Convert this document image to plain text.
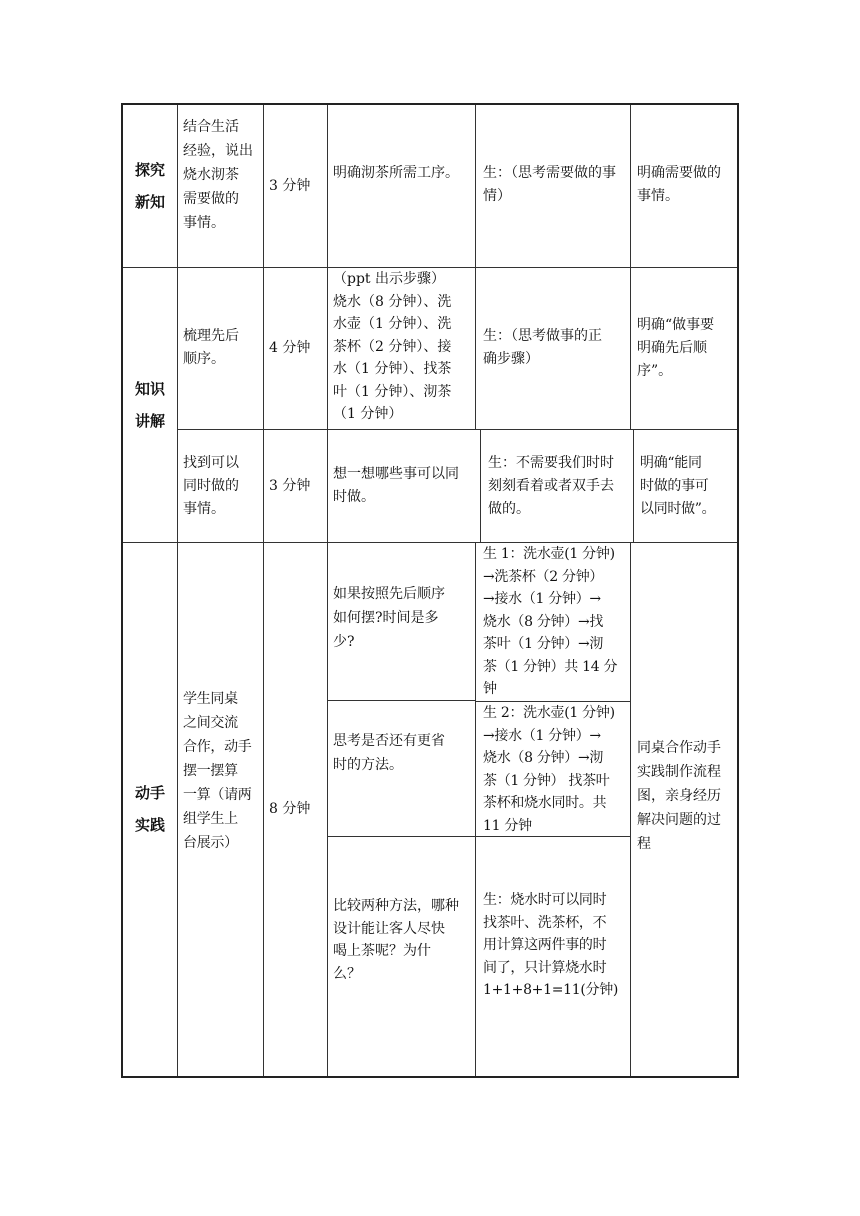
探究
新知
知识
讲解
动手
实践
结合生活
经验，说出
烧水沏茶
需要做的
事情。
3 分钟
明确沏茶所需工序。	生：（思考需要做的事
情）
明确需要做的
事情。
梳理先后
顺序。
4 分钟
（ppt 出示步骤）
烧水（8 分钟）、洗
水壶（1 分钟）、洗
茶杯（2 分钟）、接
水（1 分钟）、找茶
叶（1 分钟）、沏茶
（1 分钟）
生：（思考做事的正
确步骤）
明确“做事要
明确先后顺
序”。
找到可以
同时做的
事情。
3 分钟
想一想哪些事可以同
时做。
生：不需要我们时时
刻刻看着或者双手去
做的。
明确“能同
时做的事可
以同时做”。
学生同桌
之间交流
合作，动手
摆一摆算
一算（请两
组学生上
台展示）
8 分钟
同桌合作动手
实践制作流程
图，亲身经历
解决问题的过
程
如果按照先后顺序
如何摆?时间是多
少?
生 1：洗水壶(1 分钟)
→洗茶杯（2 分钟）
→接水（1 分钟）→
烧水（8 分钟）→找
茶叶（1 分钟）→沏
茶（1 分钟）共 14 分
钟
思考是否还有更省
时的方法。
生 2：洗水壶(1 分钟)
→接水（1 分钟）→
烧水（8 分钟）→沏
茶（1 分钟） 找茶叶
茶杯和烧水同时。共
11 分钟
比较两种方法，哪种
设计能让客人尽快
喝上茶呢？为什
么？
生：烧水时可以同时
找茶叶、洗茶杯，不
用计算这两件事的时
间了，只计算烧水时
1+1+8+1=11(分钟)
